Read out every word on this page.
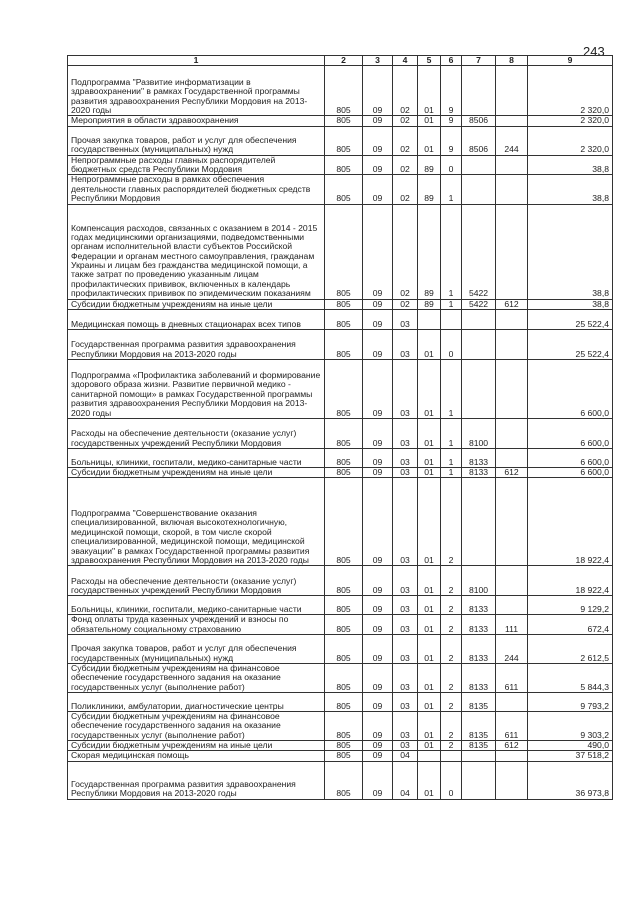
243
1	2	3	4	5	6	7	8	9
Подпрограмма "Развитие информатизации в здравоохранении" в рамках Государственной программы развития здравоохранения Республики Мордовия на 2013-2020 годы	805	09	02	01	9			2 320,0
Мероприятия в области здравоохранения	805	09	02	01	9	8506		2 320,0
Прочая закупка товаров, работ и услуг для обеспечения государственных (муниципальных) нужд	805	09	02	01	9	8506	244	2 320,0
Непрограммные расходы главных распорядителей бюджетных средств Республики Мордовия	805	09	02	89	0			38,8
Непрограммные расходы в рамках обеспечения деятельности главных распорядителей бюджетных средств Республики Мордовия	805	09	02	89	1			38,8
Компенсация расходов, связанных с оказанием в 2014 - 2015 годах медицинскими организациями, подведомственными органам исполнительной власти субъектов Российской Федерации и органам местного самоуправления, гражданам Украины и лицам без гражданства медицинской помощи, а также затрат по проведению указанным лицам профилактических прививок, включенных в календарь профилактических прививок по эпидемическим показаниям	805	09	02	89	1	5422		38,8
Субсидии бюджетным учреждениям на иные цели	805	09	02	89	1	5422	612	38,8
Медицинская помощь в дневных стационарах всех типов	805	09	03					25 522,4
Государственная программа развития здравоохранения Республики Мордовия на 2013-2020 годы	805	09	03	01	0			25 522,4
Подпрограмма «Профилактика заболеваний и формирование здорового образа жизни. Развитие первичной медико - санитарной помощи» в рамках Государственной программы развития здравоохранения Республики Мордовия на 2013-2020 годы	805	09	03	01	1			6 600,0
Расходы на обеспечение деятельности (оказание услуг) государственных учреждений Республики Мордовия	805	09	03	01	1	8100		6 600,0
Больницы, клиники, госпитали, медико-санитарные части	805	09	03	01	1	8133		6 600,0
Субсидии бюджетным учреждениям на иные цели	805	09	03	01	1	8133	612	6 600,0
Подпрограмма "Совершенствование оказания специализированной, включая высокотехнологичную, медицинской помощи, скорой, в том числе скорой специализированной, медицинской помощи, медицинской эвакуации" в рамках Государственной программы развития здравоохранения Республики Мордовия на 2013-2020 годы	805	09	03	01	2			18 922,4
Расходы на обеспечение деятельности (оказание услуг) государственных учреждений Республики Мордовия	805	09	03	01	2	8100		18 922,4
Больницы, клиники, госпитали, медико-санитарные части	805	09	03	01	2	8133		9 129,2
Фонд оплаты труда казенных учреждений и взносы по обязательному социальному страхованию	805	09	03	01	2	8133	111	672,4
Прочая закупка товаров, работ и услуг для обеспечения государственных (муниципальных) нужд	805	09	03	01	2	8133	244	2 612,5
Субсидии бюджетным учреждениям на финансовое обеспечение государственного задания на оказание государственных услуг (выполнение работ)	805	09	03	01	2	8133	611	5 844,3
Поликлиники, амбулатории, диагностические центры	805	09	03	01	2	8135		9 793,2
Субсидии бюджетным учреждениям на финансовое обеспечение государственного задания на оказание государственных услуг (выполнение работ)	805	09	03	01	2	8135	611	9 303,2
Субсидии бюджетным учреждениям на иные цели	805	09	03	01	2	8135	612	490,0
Скорая медицинская помощь	805	09	04					37 518,2
Государственная программа развития здравоохранения Республики Мордовия на 2013-2020 годы	805	09	04	01	0			36 973,8
